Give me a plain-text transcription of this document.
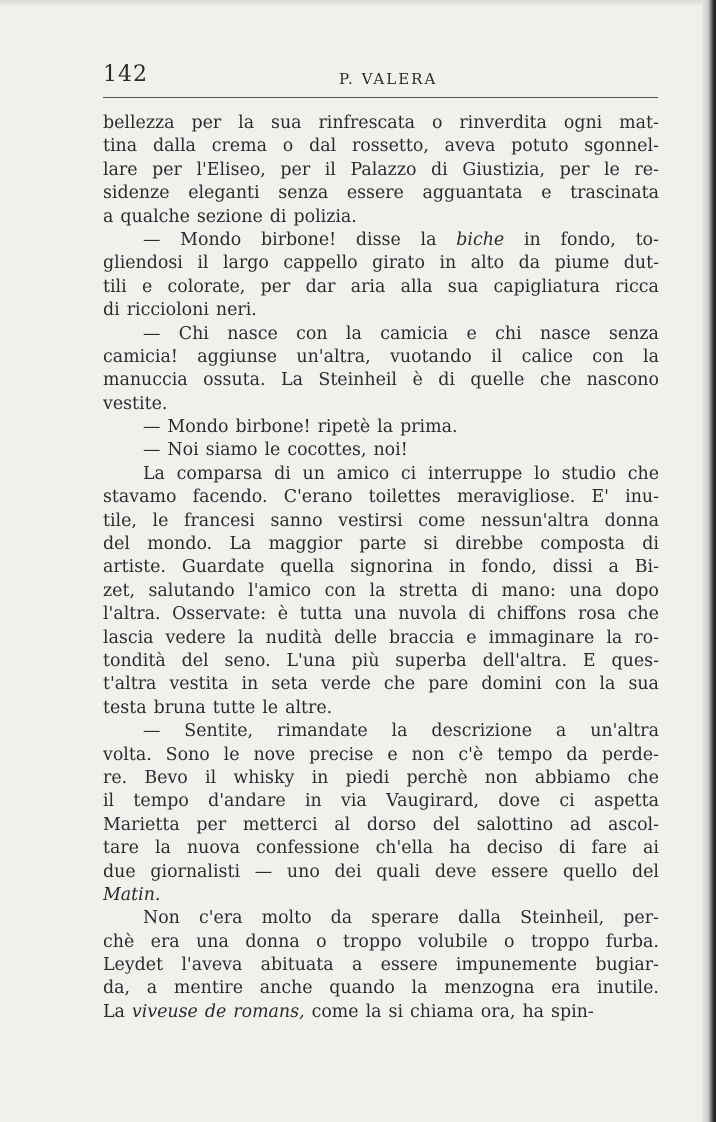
142	P. VALERA
bellezza per la sua rinfrescata o rinverdita ogni mat-
tina dalla crema o dal rossetto, aveva potuto sgonnel-
lare per l'Eliseo, per il Palazzo di Giustizia, per le re-
sidenze eleganti senza essere agguantata e trascinata
a qualche sezione di polizia.
— Mondo birbone! disse la biche in fondo, to-
gliendosi il largo cappello girato in alto da piume dut-
tili e colorate, per dar aria alla sua capigliatura ricca
di riccioloni neri.
— Chi nasce con la camicia e chi nasce senza
camicia! aggiunse un'altra, vuotando il calice con la
manuccia ossuta. La Steinheil è di quelle che nascono
vestite.
— Mondo birbone! ripetè la prima.
— Noi siamo le cocottes, noi!
La comparsa di un amico ci interruppe lo studio che
stavamo facendo. C'erano toilettes meravigliose. E' inu-
tile, le francesi sanno vestirsi come nessun'altra donna
del mondo. La maggior parte si direbbe composta di
artiste. Guardate quella signorina in fondo, dissi a Bi-
zet, salutando l'amico con la stretta di mano: una dopo
l'altra. Osservate: è tutta una nuvola di chiffons rosa che
lascia vedere la nudità delle braccia e immaginare la ro-
tondità del seno. L'una più superba dell'altra. E ques-
t'altra vestita in seta verde che pare domini con la sua
testa bruna tutte le altre.
— Sentite, rimandate la descrizione a un'altra
volta. Sono le nove precise e non c'è tempo da perde-
re. Bevo il whisky in piedi perchè non abbiamo che
il tempo d'andare in via Vaugirard, dove ci aspetta
Marietta per metterci al dorso del salottino ad ascol-
tare la nuova confessione ch'ella ha deciso di fare ai
due giornalisti — uno dei quali deve essere quello del
Matin.
Non c'era molto da sperare dalla Steinheil, per-
chè era una donna o troppo volubile o troppo furba.
Leydet l'aveva abituata a essere impunemente bugiar-
da, a mentire anche quando la menzogna era inutile.
La viveuse de romans, come la si chiama ora, ha spin-
